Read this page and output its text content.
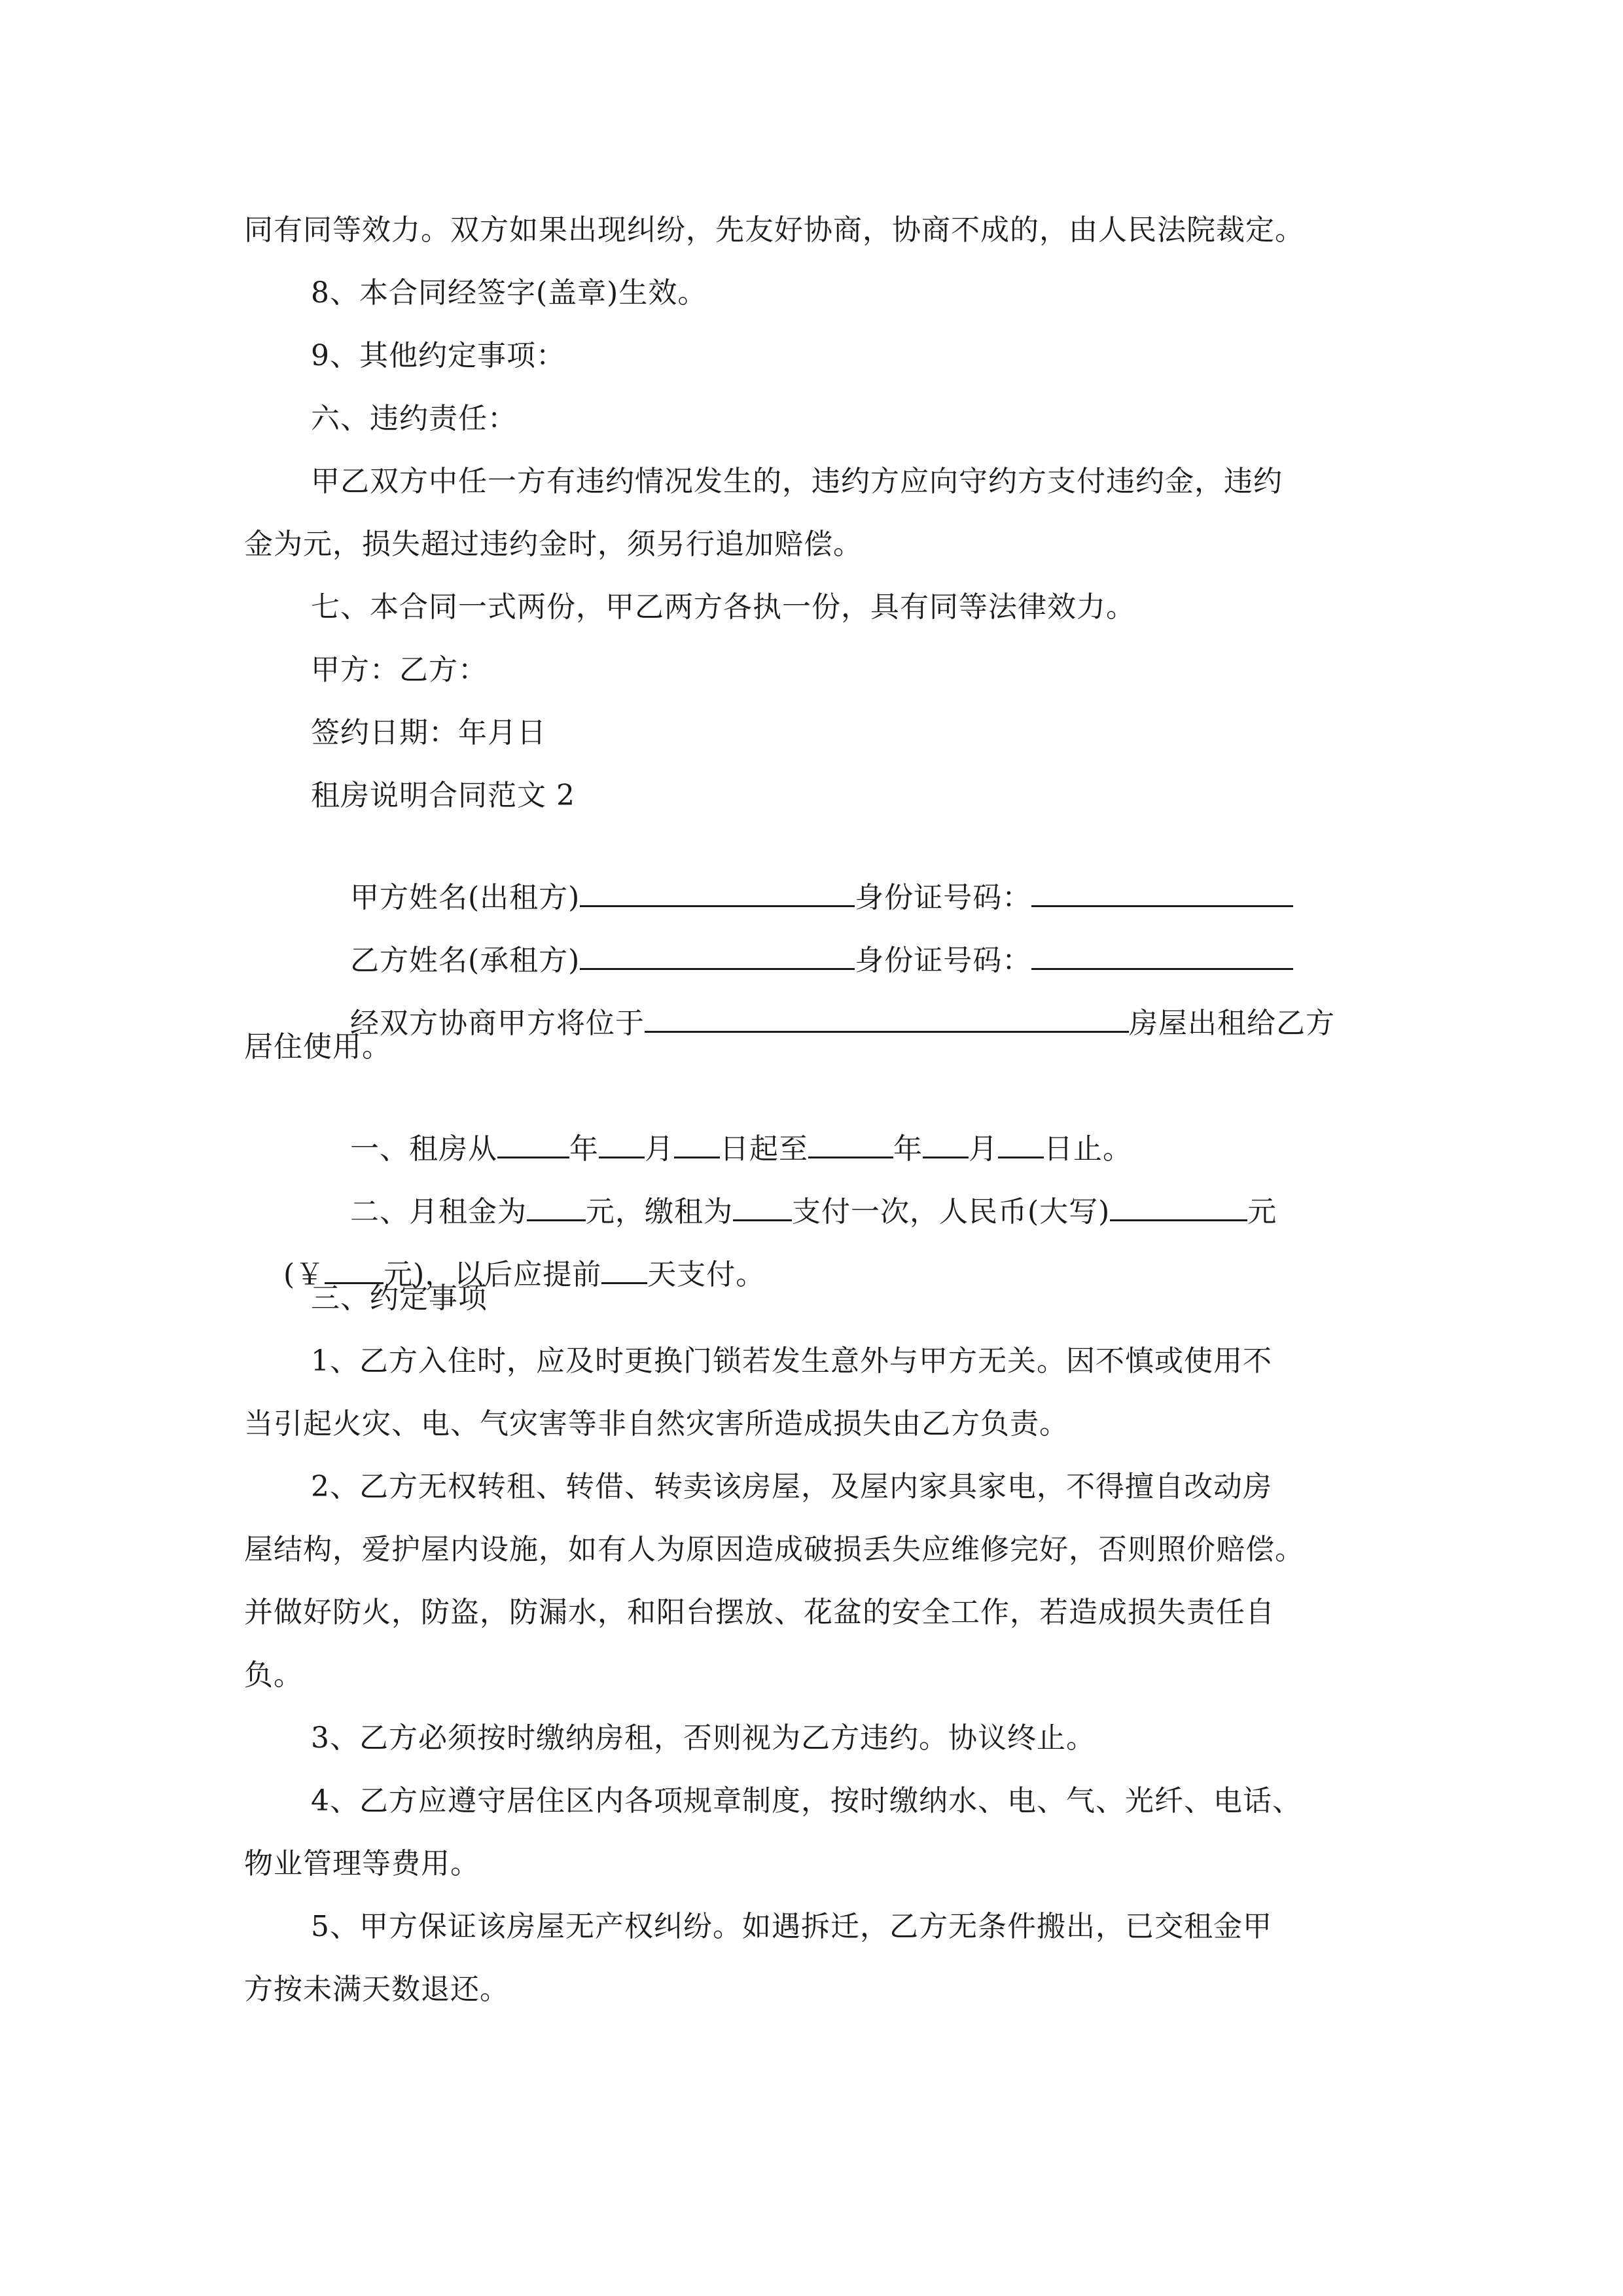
同有同等效力。双方如果出现纠纷，先友好协商，协商不成的，由人民法院裁定。
8、本合同经签字(盖章)生效。
9、其他约定事项：
六、违约责任：
甲乙双方中任一方有违约情况发生的，违约方应向守约方支付违约金，违约
金为元，损失超过违约金时，须另行追加赔偿。
七、本合同一式两份，甲乙两方各执一份，具有同等法律效力。
甲方：乙方：
签约日期：年月日
租房说明合同范文 2

甲方姓名(出租方)	身份证号码：

乙方姓名(承租方)	身份证号码：

经双方协商甲方将位于	房屋出租给乙方

居住使用。

一、租房从	年 月 日起至	年 月 日止。

二、月租金为 元，缴租为 支付一次，人民币(大写)	元

(￥ 元)，以后应提前 天支付。

三、约定事项
1、乙方入住时，应及时更换门锁若发生意外与甲方无关。因不慎或使用不
当引起火灾、电、气灾害等非自然灾害所造成损失由乙方负责。
2、乙方无权转租、转借、转卖该房屋，及屋内家具家电，不得擅自改动房
屋结构，爱护屋内设施，如有人为原因造成破损丢失应维修完好，否则照价赔偿。
并做好防火，防盗，防漏水，和阳台摆放、花盆的安全工作，若造成损失责任自
负。
3、乙方必须按时缴纳房租，否则视为乙方违约。协议终止。
4、乙方应遵守居住区内各项规章制度，按时缴纳水、电、气、光纤、电话、
物业管理等费用。
5、甲方保证该房屋无产权纠纷。如遇拆迁，乙方无条件搬出，已交租金甲
方按未满天数退还。
